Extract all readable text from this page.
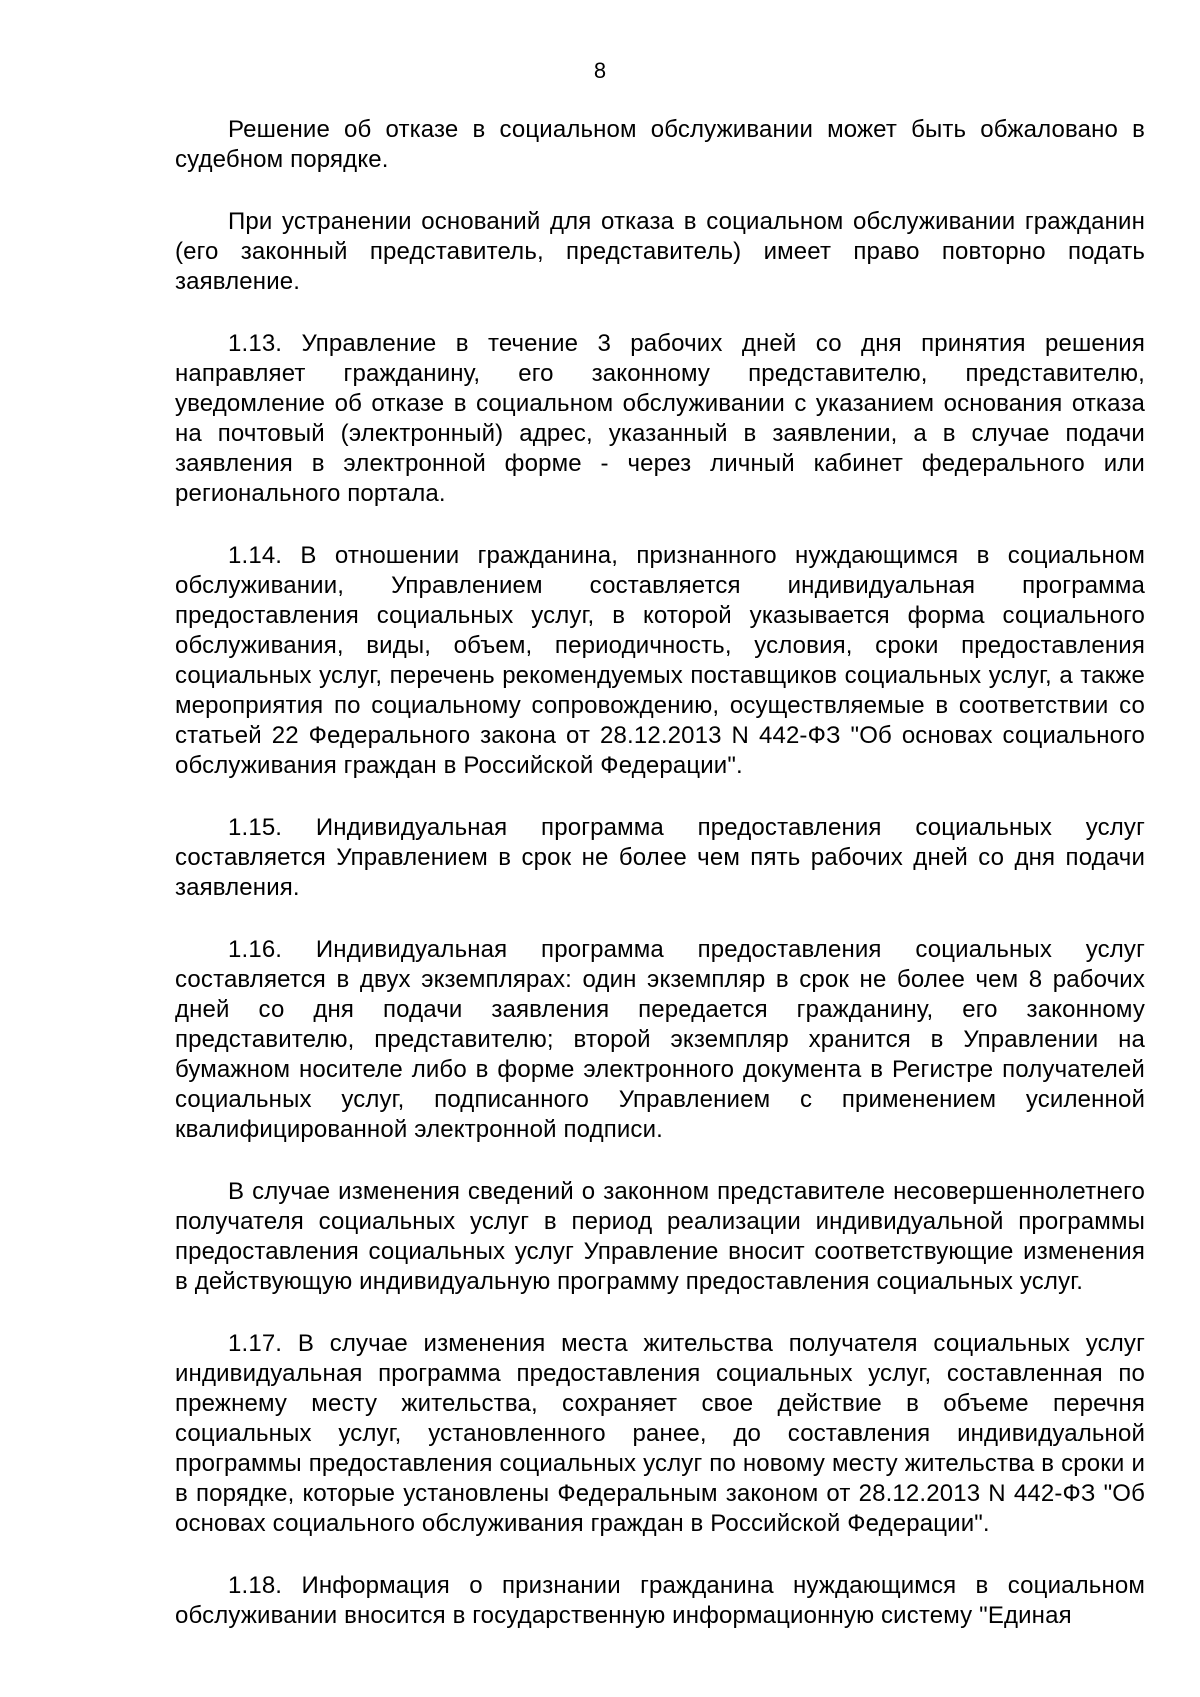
8

Решение об отказе в социальном обслуживании может быть обжаловано в судебном порядке.

При устранении оснований для отказа в социальном обслуживании гражданин (его законный представитель, представитель) имеет право повторно подать заявление.

1.13. Управление в течение 3 рабочих дней со дня принятия решения направляет гражданину, его законному представителю, представителю, уведомление об отказе в социальном обслуживании с указанием основания отказа на почтовый (электронный) адрес, указанный в заявлении, а в случае подачи заявления в электронной форме - через личный кабинет федерального или регионального портала.

1.14. В отношении гражданина, признанного нуждающимся в социальном обслуживании, Управлением составляется индивидуальная программа предоставления социальных услуг, в которой указывается форма социального обслуживания, виды, объем, периодичность, условия, сроки предоставления социальных услуг, перечень рекомендуемых поставщиков социальных услуг, а также мероприятия по социальному сопровождению, осуществляемые в соответствии со статьей 22 Федерального закона от 28.12.2013 N 442-ФЗ "Об основах социального обслуживания граждан в Российской Федерации".

1.15. Индивидуальная программа предоставления социальных услуг составляется Управлением в срок не более чем пять рабочих дней со дня подачи заявления.

1.16. Индивидуальная программа предоставления социальных услуг составляется в двух экземплярах: один экземпляр в срок не более чем 8 рабочих дней со дня подачи заявления передается гражданину, его законному представителю, представителю; второй экземпляр хранится в Управлении на бумажном носителе либо в форме электронного документа в Регистре получателей социальных услуг, подписанного Управлением с применением усиленной квалифицированной электронной подписи.

В случае изменения сведений о законном представителе несовершеннолетнего получателя социальных услуг в период реализации индивидуальной программы предоставления социальных услуг Управление вносит соответствующие изменения в действующую индивидуальную программу предоставления социальных услуг.

1.17. В случае изменения места жительства получателя социальных услуг индивидуальная программа предоставления социальных услуг, составленная по прежнему месту жительства, сохраняет свое действие в объеме перечня социальных услуг, установленного ранее, до составления индивидуальной программы предоставления социальных услуг по новому месту жительства в сроки и в порядке, которые установлены Федеральным законом от 28.12.2013 N 442-ФЗ "Об основах социального обслуживания граждан в Российской Федерации".

1.18. Информация о признании гражданина нуждающимся в социальном обслуживании вносится в государственную информационную систему "Единая
